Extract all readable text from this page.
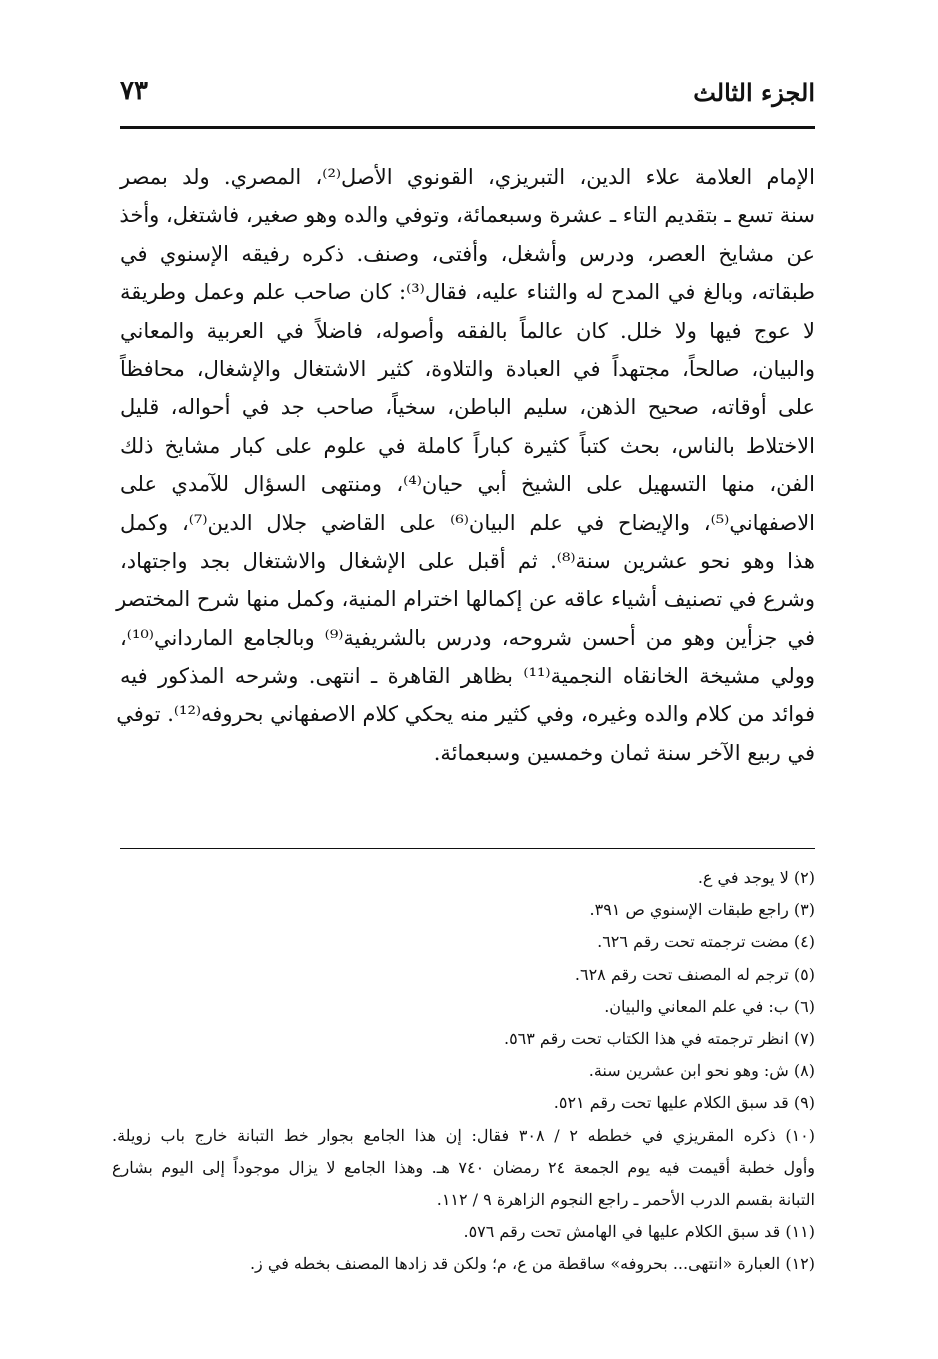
الجزء الثالث
٧٣
الإمام العلامة علاء الدين، التبريزي، القونوي الأصل⁽²⁾، المصري. ولد بمصر
سنة تسع ـ بتقديم التاء ـ عشرة وسبعمائة، وتوفي والده وهو صغير، فاشتغل، وأخذ
عن مشايخ العصر، ودرس وأشغل، وأفتى، وصنف. ذكره رفيقه الإسنوي في
طبقاته، وبالغ في المدح له والثناء عليه، فقال⁽³⁾: كان صاحب علم وعمل وطريقة
لا عوج فيها ولا خلل. كان عالماً بالفقه وأصوله، فاضلاً في العربية والمعاني
والبيان، صالحاً، مجتهداً في العبادة والتلاوة، كثير الاشتغال والإشغال، محافظاً
على أوقاته، صحيح الذهن، سليم الباطن، سخياً، صاحب جد في أحواله، قليل
الاختلاط بالناس، بحث كتباً كثيرة كباراً كاملة في علوم على كبار مشايخ ذلك
الفن، منها التسهيل على الشيخ أبي حيان⁽⁴⁾، ومنتهى السؤال للآمدي على
الاصفهاني⁽⁵⁾، والإيضاح في علم البيان⁽⁶⁾ على القاضي جلال الدين⁽⁷⁾، وكمل
هذا وهو نحو عشرين سنة⁽⁸⁾. ثم أقبل على الإشغال والاشتغال بجد واجتهاد،
وشرع في تصنيف أشياء عاقه عن إكمالها اخترام المنية، وكمل منها شرح المختصر
في جزأين وهو من أحسن شروحه، ودرس بالشريفية⁽⁹⁾ وبالجامع المارداني⁽¹⁰⁾،
وولي مشيخة الخانقاه النجمية⁽¹¹⁾ بظاهر القاهرة ـ انتهى. وشرحه المذكور فيه
فوائد من كلام والده وغيره، وفي كثير منه يحكي كلام الاصفهاني بحروفه⁽¹²⁾. توفي
في ربيع الآخر سنة ثمان وخمسين وسبعمائة.
(٢) لا يوجد في ع.
(٣) راجع طبقات الإسنوي ص ٣٩١.
(٤) مضت ترجمته تحت رقم ٦٢٦.
(٥) ترجم له المصنف تحت رقم ٦٢٨.
(٦) ب: في علم المعاني والبيان.
(٧) انظر ترجمته في هذا الكتاب تحت رقم ٥٦٣.
(٨) ش: وهو نحو ابن عشرين سنة.
(٩) قد سبق الكلام عليها تحت رقم ٥٢١.
(١٠) ذكره المقريزي في خططه ٢ / ٣٠٨ فقال: إن هذا الجامع بجوار خط التبانة خارج باب زويلة.
وأول خطبة أقيمت فيه يوم الجمعة ٢٤ رمضان ٧٤٠ هـ. وهذا الجامع لا يزال موجوداً إلى اليوم بشارع
التبانة بقسم الدرب الأحمر ـ راجع النجوم الزاهرة ٩ / ١١٢.
(١١) قد سبق الكلام عليها في الهامش تحت رقم ٥٧٦.
(١٢) العبارة «انتهى... بحروفه» ساقطة من ع، م؛ ولكن قد زادها المصنف بخطه في ز.
